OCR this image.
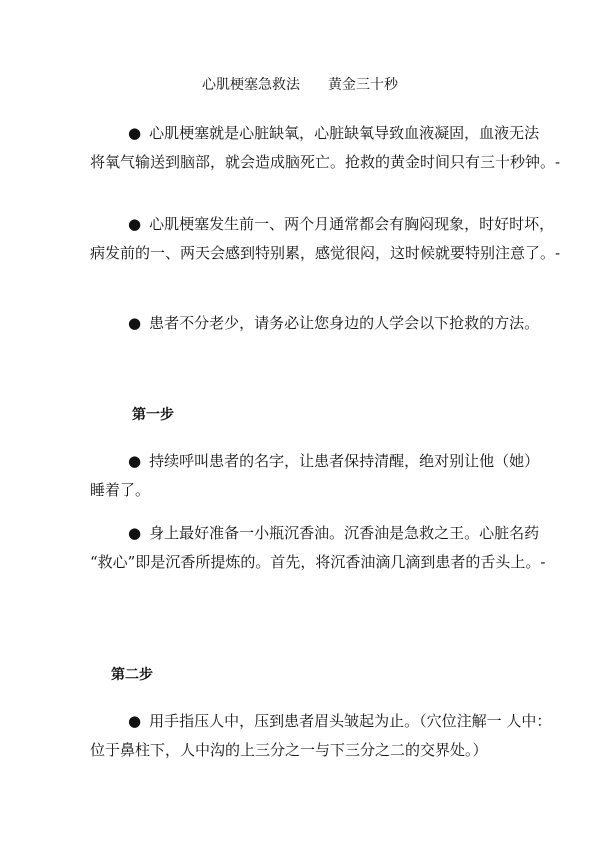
心肌梗塞急救法　　黄金三十秒
● 心肌梗塞就是心脏缺氧，心脏缺氧导致血液凝固，血液无法
将氧气输送到脑部，就会造成脑死亡。抢救的黄金时间只有三十秒钟。-
● 心肌梗塞发生前一、两个月通常都会有胸闷现象，时好时坏，
病发前的一、两天会感到特别累，感觉很闷，这时候就要特别注意了。-
● 患者不分老少，请务必让您身边的人学会以下抢救的方法。
第一步
● 持续呼叫患者的名字，让患者保持清醒，绝对别让他（她）
睡着了。
● 身上最好准备一小瓶沉香油。沉香油是急救之王。心脏名药
“救心”即是沉香所提炼的。首先，将沉香油滴几滴到患者的舌头上。-
第二步
● 用手指压人中，压到患者眉头皱起为止。（穴位注解一 人中：
位于鼻柱下，人中沟的上三分之一与下三分之二的交界处。）
